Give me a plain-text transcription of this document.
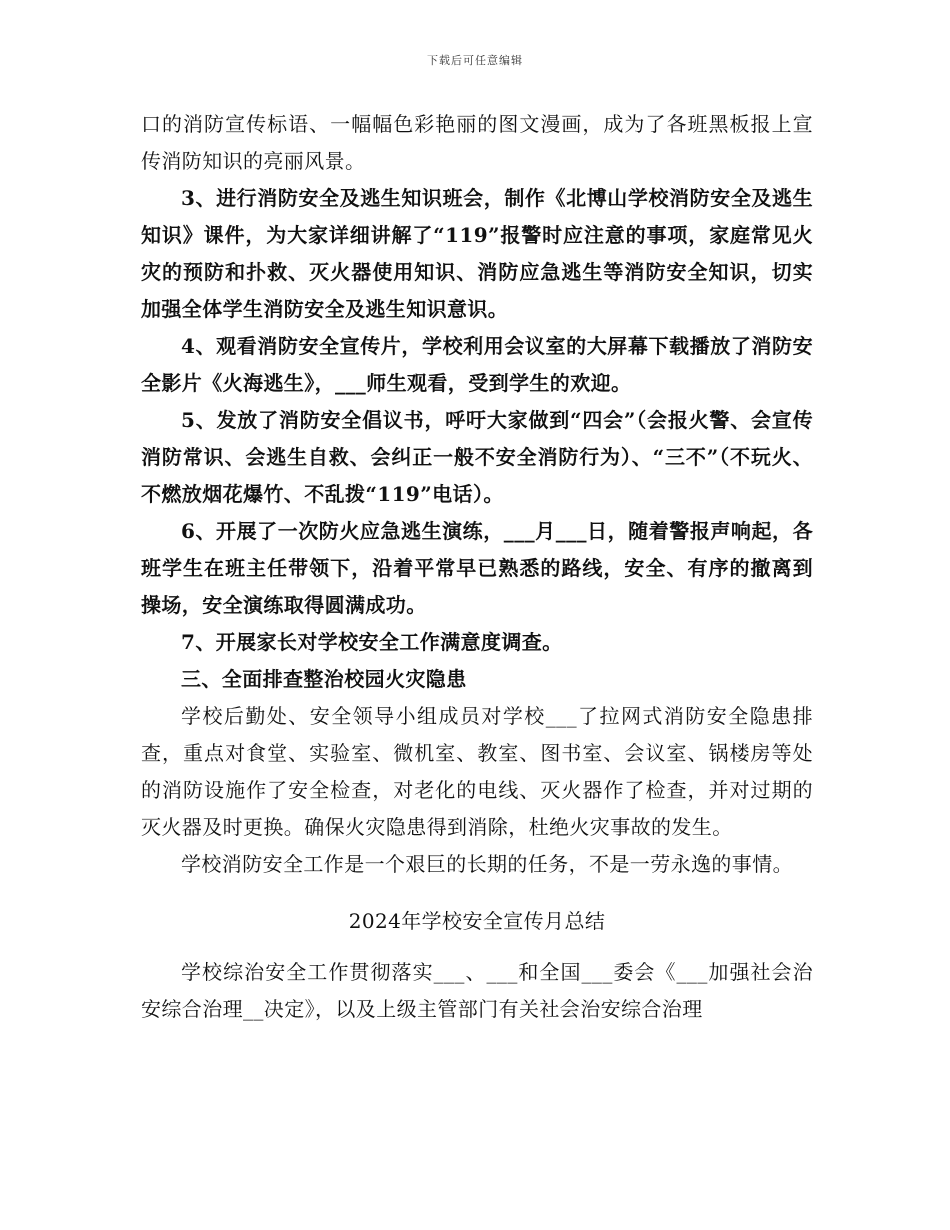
下载后可任意编辑

口的消防宣传标语、一幅幅色彩艳丽的图文漫画，成为了各班黑板报上宣传消防知识的亮丽风景。

3、进行消防安全及逃生知识班会，制作《北博山学校消防安全及逃生知识》课件，为大家详细讲解了“119”报警时应注意的事项，家庭常见火灾的预防和扑救、灭火器使用知识、消防应急逃生等消防安全知识，切实加强全体学生消防安全及逃生知识意识。

4、观看消防安全宣传片，学校利用会议室的大屏幕下载播放了消防安全影片《火海逃生》，___师生观看，受到学生的欢迎。

5、发放了消防安全倡议书，呼吁大家做到“四会”（会报火警、会宣传消防常识、会逃生自救、会纠正一般不安全消防行为）、“三不”（不玩火、不燃放烟花爆竹、不乱拨“119”电话）。

6、开展了一次防火应急逃生演练，___月___日，随着警报声响起，各班学生在班主任带领下，沿着平常早已熟悉的路线，安全、有序的撤离到操场，安全演练取得圆满成功。

7、开展家长对学校安全工作满意度调查。

三、全面排查整治校园火灾隐患

学校后勤处、安全领导小组成员对学校___了拉网式消防安全隐患排查，重点对食堂、实验室、微机室、教室、图书室、会议室、锅楼房等处的消防设施作了安全检查，对老化的电线、灭火器作了检查，并对过期的灭火器及时更换。确保火灾隐患得到消除，杜绝火灾事故的发生。

学校消防安全工作是一个艰巨的长期的任务，不是一劳永逸的事情。

2024年学校安全宣传月总结

学校综治安全工作贯彻落实___、___和全国___委会《___加强社会治安综合治理__决定》，以及上级主管部门有关社会治安综合治理
